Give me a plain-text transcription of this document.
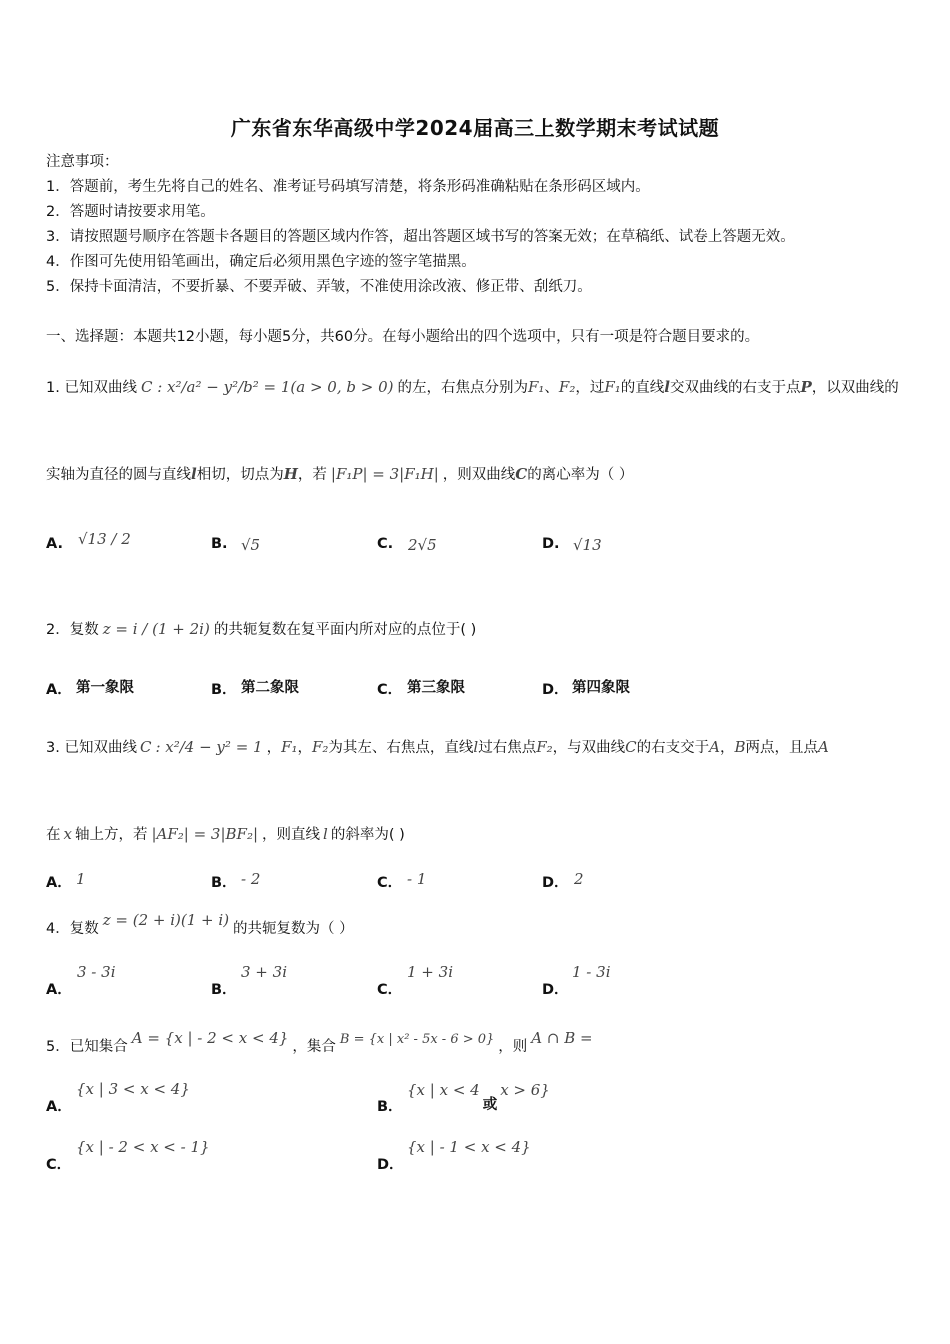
广东省东华高级中学2024届高三上数学期末考试试题
注意事项：
1．答题前，考生先将自己的姓名、准考证号码填写清楚，将条形码准确粘贴在条形码区域内。
2．答题时请按要求用笔。
3．请按照题号顺序在答题卡各题目的答题区域内作答，超出答题区域书写的答案无效；在草稿纸、试卷上答题无效。
4．作图可先使用铅笔画出，确定后必须用黑色字迹的签字笔描黑。
5．保持卡面清洁，不要折暴、不要弄破、弄皱，不准使用涂改液、修正带、刮纸刀。
一、选择题：本题共12小题，每小题5分，共60分。在每小题给出的四个选项中，只有一项是符合题目要求的。
1. 已知双曲线 C : x²/a² − y²/b² = 1(a > 0, b > 0) 的左，右焦点分别为F₁、F₂，过F₁的直线l交双曲线的右支于点P，以双曲线的
实轴为直径的圆与直线l相切，切点为H，若 |F₁P| = 3|F₁H| ，则双曲线C的离心率为（ ）
A. √13 / 2	B. √5	C. 2√5	D. √13
2．复数 z = i / (1 + 2i) 的共轭复数在复平面内所对应的点位于( )
A． 第一象限	B． 第二象限	C． 第三象限	D． 第四象限
3. 已知双曲线 C : x²/4 − y² = 1 ，F₁，F₂为其左、右焦点，直线l过右焦点F₂，与双曲线C的右支交于A，B两点，且点A
在 x 轴上方，若 |AF₂| = 3|BF₂| ，则直线 l 的斜率为( )
A． 1	B． - 2	C． - 1	D． 2
4．复数 z = (2 + i)(1 + i) 的共轭复数为（ ）
A．
3 - 3i
B．
3 + 3i
C．
1 + 3i
D．
1 - 3i
5．已知集合 A = {x | - 2 < x < 4} ，集合 B = {x | x² - 5x - 6 > 0} ，则 A ∩ B =
A．
{x | 3 < x < 4}
B．
{x | x < 4或x > 6}
C．
{x | - 2 < x < - 1}
D．
{x | - 1 < x < 4}
